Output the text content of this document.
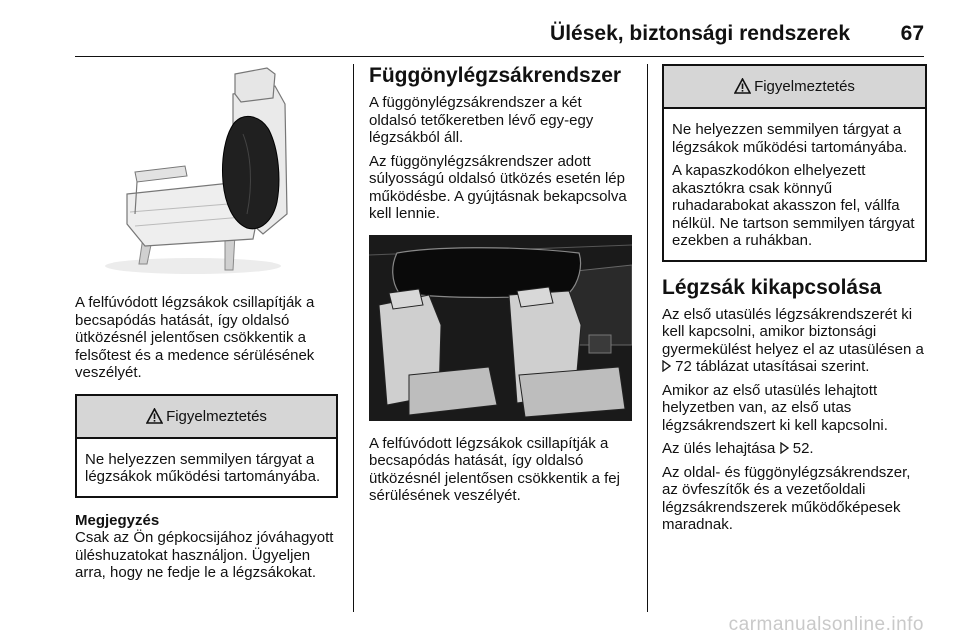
Ülések, biztonsági rendszerek 67

A felfúvódott légzsákok csillapítják a becsapódás hatását, így oldalsó ütközésnél jelentősen csökkentik a felsőtest és a medence sérülésének veszélyét.

Figyelmeztetés

Ne helyezzen semmilyen tárgyat a légzsákok működési tartományába.

Megjegyzés

Csak az Ön gépkocsijához jóváhagyott üléshuzatokat használjon. Ügyeljen arra, hogy ne fedje le a légzsákokat.

Függönylégzsákrendszer

A függönylégzsákrendszer a két oldalsó tetőkeretben lévő egy-egy légzsákból áll.

Az függönylégzsákrendszer adott súlyosságú oldalsó ütközés esetén lép működésbe. A gyújtásnak bekapcsolva kell lennie.

A felfúvódott légzsákok csillapítják a becsapódás hatását, így oldalsó ütközésnél jelentősen csökkentik a fej sérülésének veszélyét.

Figyelmeztetés

Ne helyezzen semmilyen tárgyat a légzsákok működési tartományába.

A kapaszkodókon elhelyezett akasztókra csak könnyű ruhadarabokat akasszon fel, vállfa nélkül. Ne tartson semmilyen tárgyat ezekben a ruhákban.

Légzsák kikapcsolása

Az első utasülés légzsákrendszerét ki kell kapcsolni, amikor biztonsági gyermekülést helyez el az utasülésen a  72 táblázat utasításai szerint.

Amikor az első utasülés lehajtott helyzetben van, az első utas légzsákrendszert ki kell kapcsolni.

Az ülés lehajtása 52.

Az oldal- és függönylégzsákrendszer, az övfeszítők és a vezetőoldali légzsákrendszerek működőképesek maradnak.

carmanualsonline.info
